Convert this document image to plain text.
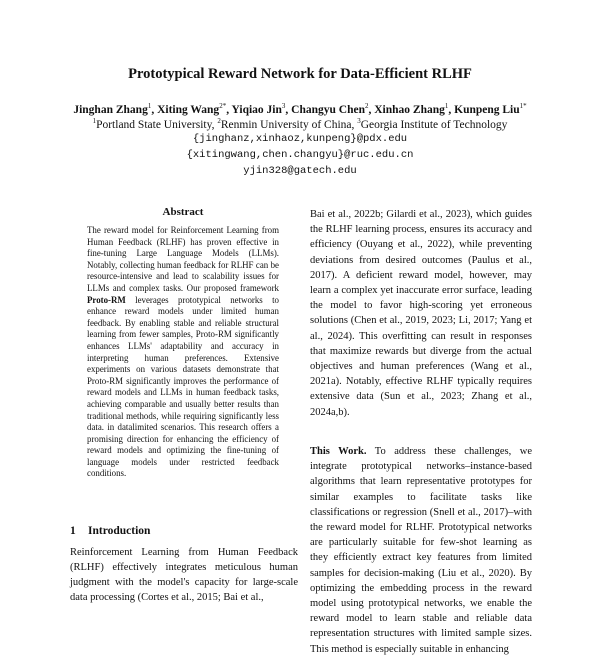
Prototypical Reward Network for Data-Efficient RLHF
Jinghan Zhang$^1$, Xiting Wang$^{2*}$, Yiqiao Jin$^3$, Changyu Chen$^2$, Xinhao Zhang$^1$, Kunpeng Liu$^{1*}$
$^1$Portland State University, $^2$Renmin University of China, $^3$Georgia Institute of Technology
{jinghanz,xinhaoz,kunpeng}@pdx.edu
{xitingwang,chen.changyu}@ruc.edu.cn
yjin328@gatech.edu
Abstract
The reward model for Reinforcement Learning from Human Feedback (RLHF) has proven effective in fine-tuning Large Language Models (LLMs). Notably, collecting human feedback for RLHF can be resource-intensive and lead to scalability issues for LLMs and complex tasks. Our proposed framework Proto-RM leverages prototypical networks to enhance reward models under limited human feedback. By enabling stable and reliable structural learning from fewer samples, Proto-RM significantly enhances LLMs' adaptability and accuracy in interpreting human preferences. Extensive experiments on various datasets demonstrate that Proto-RM significantly improves the performance of reward models and LLMs in human feedback tasks, achieving comparable and usually better results than traditional methods, while requiring significantly less data. in datalimited scenarios. This research offers a promising direction for enhancing the efficiency of reward models and optimizing the fine-tuning of language models under restricted feedback conditions.
1 Introduction
Reinforcement Learning from Human Feedback (RLHF) effectively integrates meticulous human judgment with the model's capacity for large-scale data processing (Cortes et al., 2015; Bai et al.,
Bai et al., 2022b; Gilardi et al., 2023), which guides the RLHF learning process, ensures its accuracy and efficiency (Ouyang et al., 2022), while preventing deviations from desired outcomes (Paulus et al., 2017). A deficient reward model, however, may learn a complex yet inaccurate error surface, leading the model to favor high-scoring yet erroneous solutions (Chen et al., 2019, 2023; Li, 2017; Yang et al., 2024). This overfitting can result in responses that maximize rewards but diverge from the actual objectives and human preferences (Wang et al., 2021a). Notably, effective RLHF typically requires extensive data (Sun et al., 2023; Zhang et al., 2024a,b).
This Work. To address these challenges, we integrate prototypical networks–instance-based algorithms that learn representative prototypes for similar examples to facilitate tasks like classifications or regression (Snell et al., 2017)–with the reward model for RLHF. Prototypical networks are particularly suitable for few-shot learning as they efficiently extract key features from limited samples for decision-making (Liu et al., 2020). By optimizing the embedding process in the reward model using prototypical networks, we enable the reward model to learn stable and reliable data representation structures with limited sample sizes. This method is especially suitable in enhancing
